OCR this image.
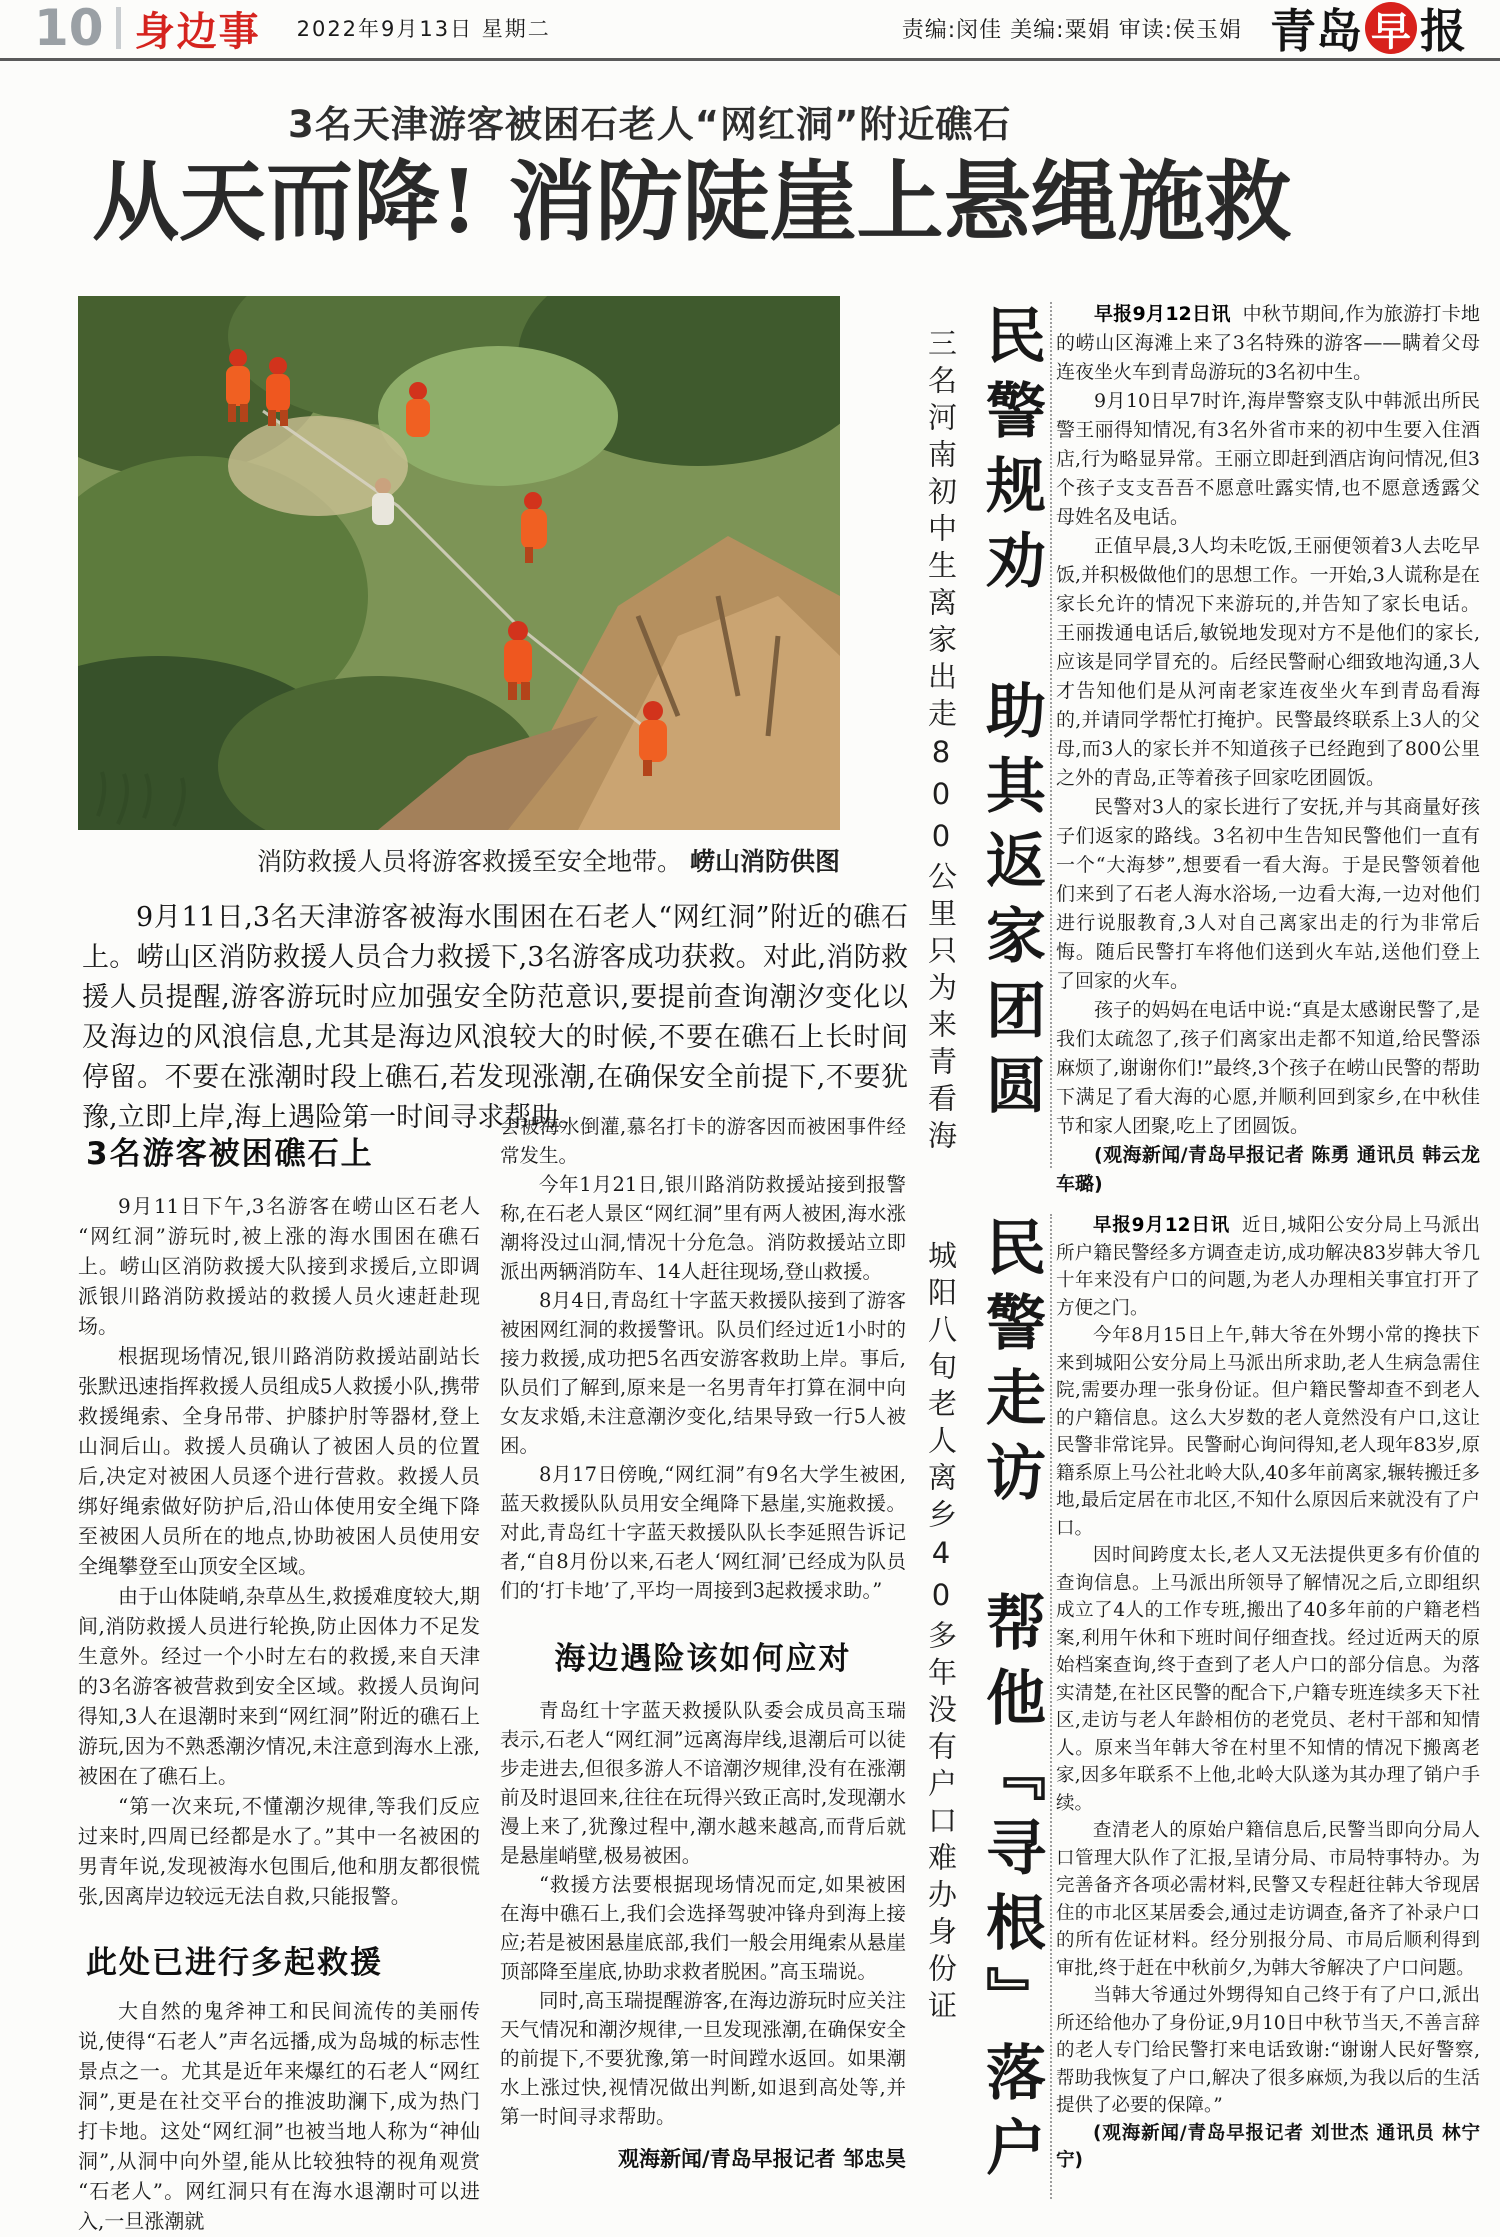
10 身边事 2022年9月13日 星期二	责编:闵佳 美编:粟娟 审读:侯玉娟 青岛 早 报
3名天津游客被困石老人“网红洞”附近礁石
从天而降! 消防陡崖上悬绳施救
消防救援人员将游客救援至安全地带。 崂山消防供图

9月11日,3名天津游客被海水围困在石老人“网红洞”附近的礁石上。崂山区消防救援人员合力救援下,3名游客成功获救。对此,消防救援人员提醒,游客游玩时应加强安全防范意识,要提前查询潮汐变化以及海边的风浪信息,尤其是海边风浪较大的时候,不要在礁石上长时间停留。不要在涨潮时段上礁石,若发现涨潮,在确保安全前提下,不要犹豫,立即上岸,海上遇险第一时间寻求帮助。

3名游客被困礁石上

9月11日下午,3名游客在崂山区石老人“网红洞”游玩时,被上涨的海水围困在礁石上。崂山区消防救援大队接到求援后,立即调派银川路消防救援站的救援人员火速赶赴现场。

根据现场情况,银川路消防救援站副站长张默迅速指挥救援人员组成5人救援小队,携带救援绳索、全身吊带、护膝护肘等器材,登上山洞后山。救援人员确认了被困人员的位置后,决定对被困人员逐个进行营救。救援人员绑好绳索做好防护后,沿山体使用安全绳下降至被困人员所在的地点,协助被困人员使用安全绳攀登至山顶安全区域。

由于山体陡峭,杂草丛生,救援难度较大,期间,消防救援人员进行轮换,防止因体力不足发生意外。经过一个小时左右的救援,来自天津的3名游客被营救到安全区域。救援人员询问得知,3人在退潮时来到“网红洞”附近的礁石上游玩,因为不熟悉潮汐情况,未注意到海水上涨,被困在了礁石上。

“第一次来玩,不懂潮汐规律,等我们反应过来时,四周已经都是水了。”其中一名被困的男青年说,发现被海水包围后,他和朋友都很慌张,因离岸边较远无法自救,只能报警。

此处已进行多起救援

大自然的鬼斧神工和民间流传的美丽传说,使得“石老人”声名远播,成为岛城的标志性景点之一。尤其是近年来爆红的石老人“网红洞”,更是在社交平台的推波助澜下,成为热门打卡地。这处“网红洞”也被当地人称为“神仙洞”,从洞中向外望,能从比较独特的视角观赏“石老人”。网红洞只有在海水退潮时可以进入,一旦涨潮就

会被海水倒灌,慕名打卡的游客因而被困事件经常发生。

今年1月21日,银川路消防救援站接到报警称,在石老人景区“网红洞”里有两人被困,海水涨潮将没过山洞,情况十分危急。消防救援站立即派出两辆消防车、14人赶往现场,登山救援。

8月4日,青岛红十字蓝天救援队接到了游客被困网红洞的救援警讯。队员们经过近1小时的接力救援,成功把5名西安游客救助上岸。事后,队员们了解到,原来是一名男青年打算在洞中向女友求婚,未注意潮汐变化,结果导致一行5人被困。

8月17日傍晚,“网红洞”有9名大学生被困,蓝天救援队队员用安全绳降下悬崖,实施救援。对此,青岛红十字蓝天救援队队长李延照告诉记者,“自8月份以来,石老人‘网红洞’已经成为队员们的‘打卡地’了,平均一周接到3起救援求助。”

海边遇险该如何应对

青岛红十字蓝天救援队队委会成员高玉瑞表示,石老人“网红洞”远离海岸线,退潮后可以徒步走进去,但很多游人不谙潮汐规律,没有在涨潮前及时退回来,往往在玩得兴致正高时,发现潮水漫上来了,犹豫过程中,潮水越来越高,而背后就是悬崖峭壁,极易被困。

“救援方法要根据现场情况而定,如果被困在海中礁石上,我们会选择驾驶冲锋舟到海上接应;若是被困悬崖底部,我们一般会用绳索从悬崖顶部降至崖底,协助求救者脱困。”高玉瑞说。

同时,高玉瑞提醒游客,在海边游玩时应关注天气情况和潮汐规律,一旦发现涨潮,在确保安全的前提下,不要犹豫,第一时间蹚水返回。如果潮水上涨过快,视情况做出判断,如退到高处等,并第一时间寻求帮助。

观海新闻/青岛早报记者 邹忠昊
民警规劝　助其返家团圆
三名河南初中生离家出走800公里只为来青看海

早报9月12日讯 中秋节期间,作为旅游打卡地的崂山区海滩上来了3名特殊的游客——瞒着父母连夜坐火车到青岛游玩的3名初中生。

9月10日早7时许,海岸警察支队中韩派出所民警王丽得知情况,有3名外省市来的初中生要入住酒店,行为略显异常。王丽立即赶到酒店询问情况,但3个孩子支支吾吾不愿意吐露实情,也不愿意透露父母姓名及电话。

正值早晨,3人均未吃饭,王丽便领着3人去吃早饭,并积极做他们的思想工作。一开始,3人谎称是在家长允许的情况下来游玩的,并告知了家长电话。王丽拨通电话后,敏锐地发现对方不是他们的家长,应该是同学冒充的。后经民警耐心细致地沟通,3人才告知他们是从河南老家连夜坐火车到青岛看海的,并请同学帮忙打掩护。民警最终联系上3人的父母,而3人的家长并不知道孩子已经跑到了800公里之外的青岛,正等着孩子回家吃团圆饭。

民警对3人的家长进行了安抚,并与其商量好孩子们返家的路线。3名初中生告知民警他们一直有一个“大海梦”,想要看一看大海。于是民警领着他们来到了石老人海水浴场,一边看大海,一边对他们进行说服教育,3人对自己离家出走的行为非常后悔。随后民警打车将他们送到火车站,送他们登上了回家的火车。

孩子的妈妈在电话中说:“真是太感谢民警了,是我们太疏忽了,孩子们离家出走都不知道,给民警添麻烦了,谢谢你们!”最终,3个孩子在崂山民警的帮助下满足了看大海的心愿,并顺利回到家乡,在中秋佳节和家人团聚,吃上了团圆饭。

(观海新闻/青岛早报记者 陈勇 通讯员 韩云龙 车璐)

民警走访　帮他『寻根』落户
城阳八旬老人离乡40多年没有户口难办身份证

早报9月12日讯 近日,城阳公安分局上马派出所户籍民警经多方调查走访,成功解决83岁韩大爷几十年来没有户口的问题,为老人办理相关事宜打开了方便之门。

今年8月15日上午,韩大爷在外甥小常的搀扶下来到城阳公安分局上马派出所求助,老人生病急需住院,需要办理一张身份证。但户籍民警却查不到老人的户籍信息。这么大岁数的老人竟然没有户口,这让民警非常诧异。民警耐心询问得知,老人现年83岁,原籍系原上马公社北岭大队,40多年前离家,辗转搬迁多地,最后定居在市北区,不知什么原因后来就没有了户口。

因时间跨度太长,老人又无法提供更多有价值的查询信息。上马派出所领导了解情况之后,立即组织成立了4人的工作专班,搬出了40多年前的户籍老档案,利用午休和下班时间仔细查找。经过近两天的原始档案查询,终于查到了老人户口的部分信息。为落实清楚,在社区民警的配合下,户籍专班连续多天下社区,走访与老人年龄相仿的老党员、老村干部和知情人。原来当年韩大爷在村里不知情的情况下搬离老家,因多年联系不上他,北岭大队遂为其办理了销户手续。

查清老人的原始户籍信息后,民警当即向分局人口管理大队作了汇报,呈请分局、市局特事特办。为完善备齐各项必需材料,民警又专程赶往韩大爷现居住的市北区某居委会,通过走访调查,备齐了补录户口的所有佐证材料。经分别报分局、市局后顺利得到审批,终于赶在中秋前夕,为韩大爷解决了户口问题。

当韩大爷通过外甥得知自己终于有了户口,派出所还给他办了身份证,9月10日中秋节当天,不善言辞的老人专门给民警打来电话致谢:“谢谢人民好警察,帮助我恢复了户口,解决了很多麻烦,为我以后的生活提供了必要的保障。”

(观海新闻/青岛早报记者 刘世杰 通讯员 林宁宁)
